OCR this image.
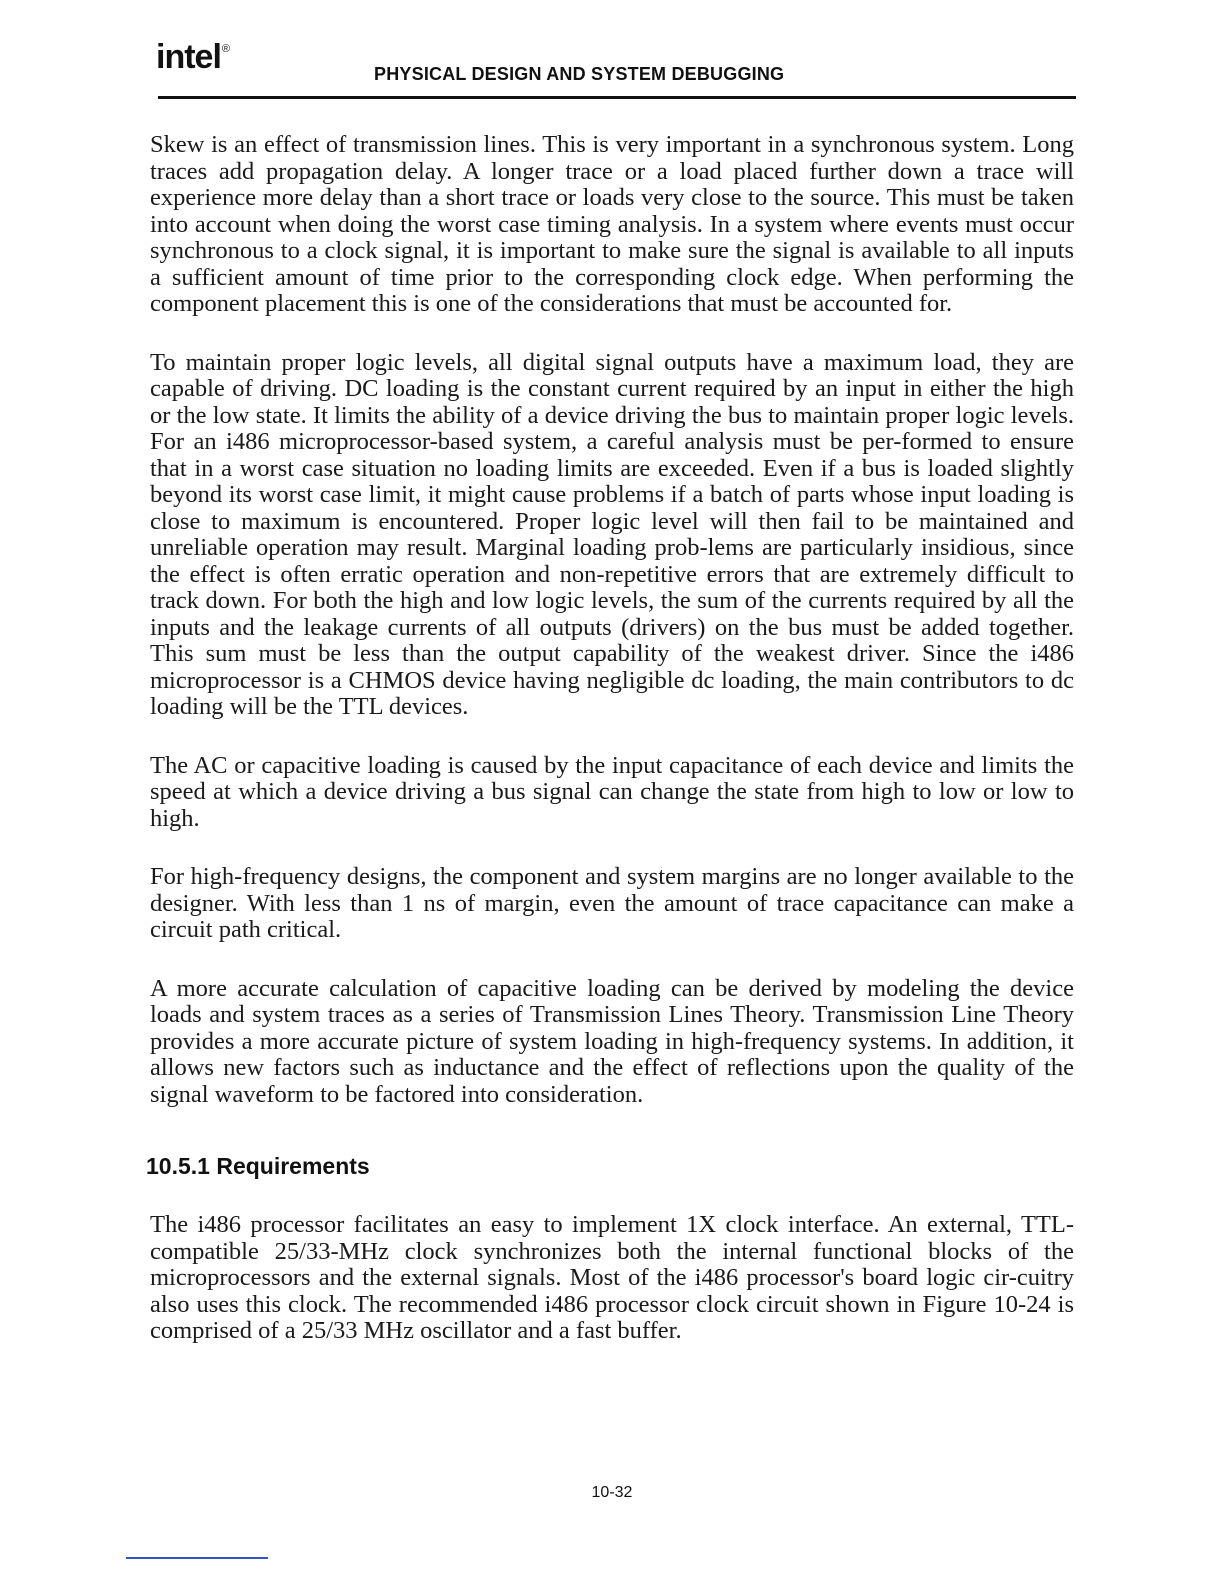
intel®
PHYSICAL DESIGN AND SYSTEM DEBUGGING

Skew is an effect of transmission lines. This is very important in a synchronous system. Long traces add propagation delay. A longer trace or a load placed further down a trace will experience more delay than a short trace or loads very close to the source. This must be taken into account when doing the worst case timing analysis. In a system where events must occur synchronous to a clock signal, it is important to make sure the signal is available to all inputs a sufficient amount of time prior to the corresponding clock edge. When performing the component placement this is one of the considerations that must be accounted for.

To maintain proper logic levels, all digital signal outputs have a maximum load, they are capable of driving. DC loading is the constant current required by an input in either the high or the low state. It limits the ability of a device driving the bus to maintain proper logic levels. For an i486 microprocessor-based system, a careful analysis must be per-formed to ensure that in a worst case situation no loading limits are exceeded. Even if a bus is loaded slightly beyond its worst case limit, it might cause problems if a batch of parts whose input loading is close to maximum is encountered. Proper logic level will then fail to be maintained and unreliable operation may result. Marginal loading prob-lems are particularly insidious, since the effect is often erratic operation and non-repetitive errors that are extremely difficult to track down. For both the high and low logic levels, the sum of the currents required by all the inputs and the leakage currents of all outputs (drivers) on the bus must be added together. This sum must be less than the output capability of the weakest driver. Since the i486 microprocessor is a CHMOS device having negligible dc loading, the main contributors to dc loading will be the TTL devices.

The AC or capacitive loading is caused by the input capacitance of each device and limits the speed at which a device driving a bus signal can change the state from high to low or low to high.

For high-frequency designs, the component and system margins are no longer available to the designer. With less than 1 ns of margin, even the amount of trace capacitance can make a circuit path critical.

A more accurate calculation of capacitive loading can be derived by modeling the device loads and system traces as a series of Transmission Lines Theory. Transmission Line Theory provides a more accurate picture of system loading in high-frequency systems. In addition, it allows new factors such as inductance and the effect of reflections upon the quality of the signal waveform to be factored into consideration.

10.5.1 Requirements

The i486 processor facilitates an easy to implement 1X clock interface. An external, TTL-compatible 25/33-MHz clock synchronizes both the internal functional blocks of the microprocessors and the external signals. Most of the i486 processor's board logic cir-cuitry also uses this clock. The recommended i486 processor clock circuit shown in Figure 10-24 is comprised of a 25/33 MHz oscillator and a fast buffer.

10-32
